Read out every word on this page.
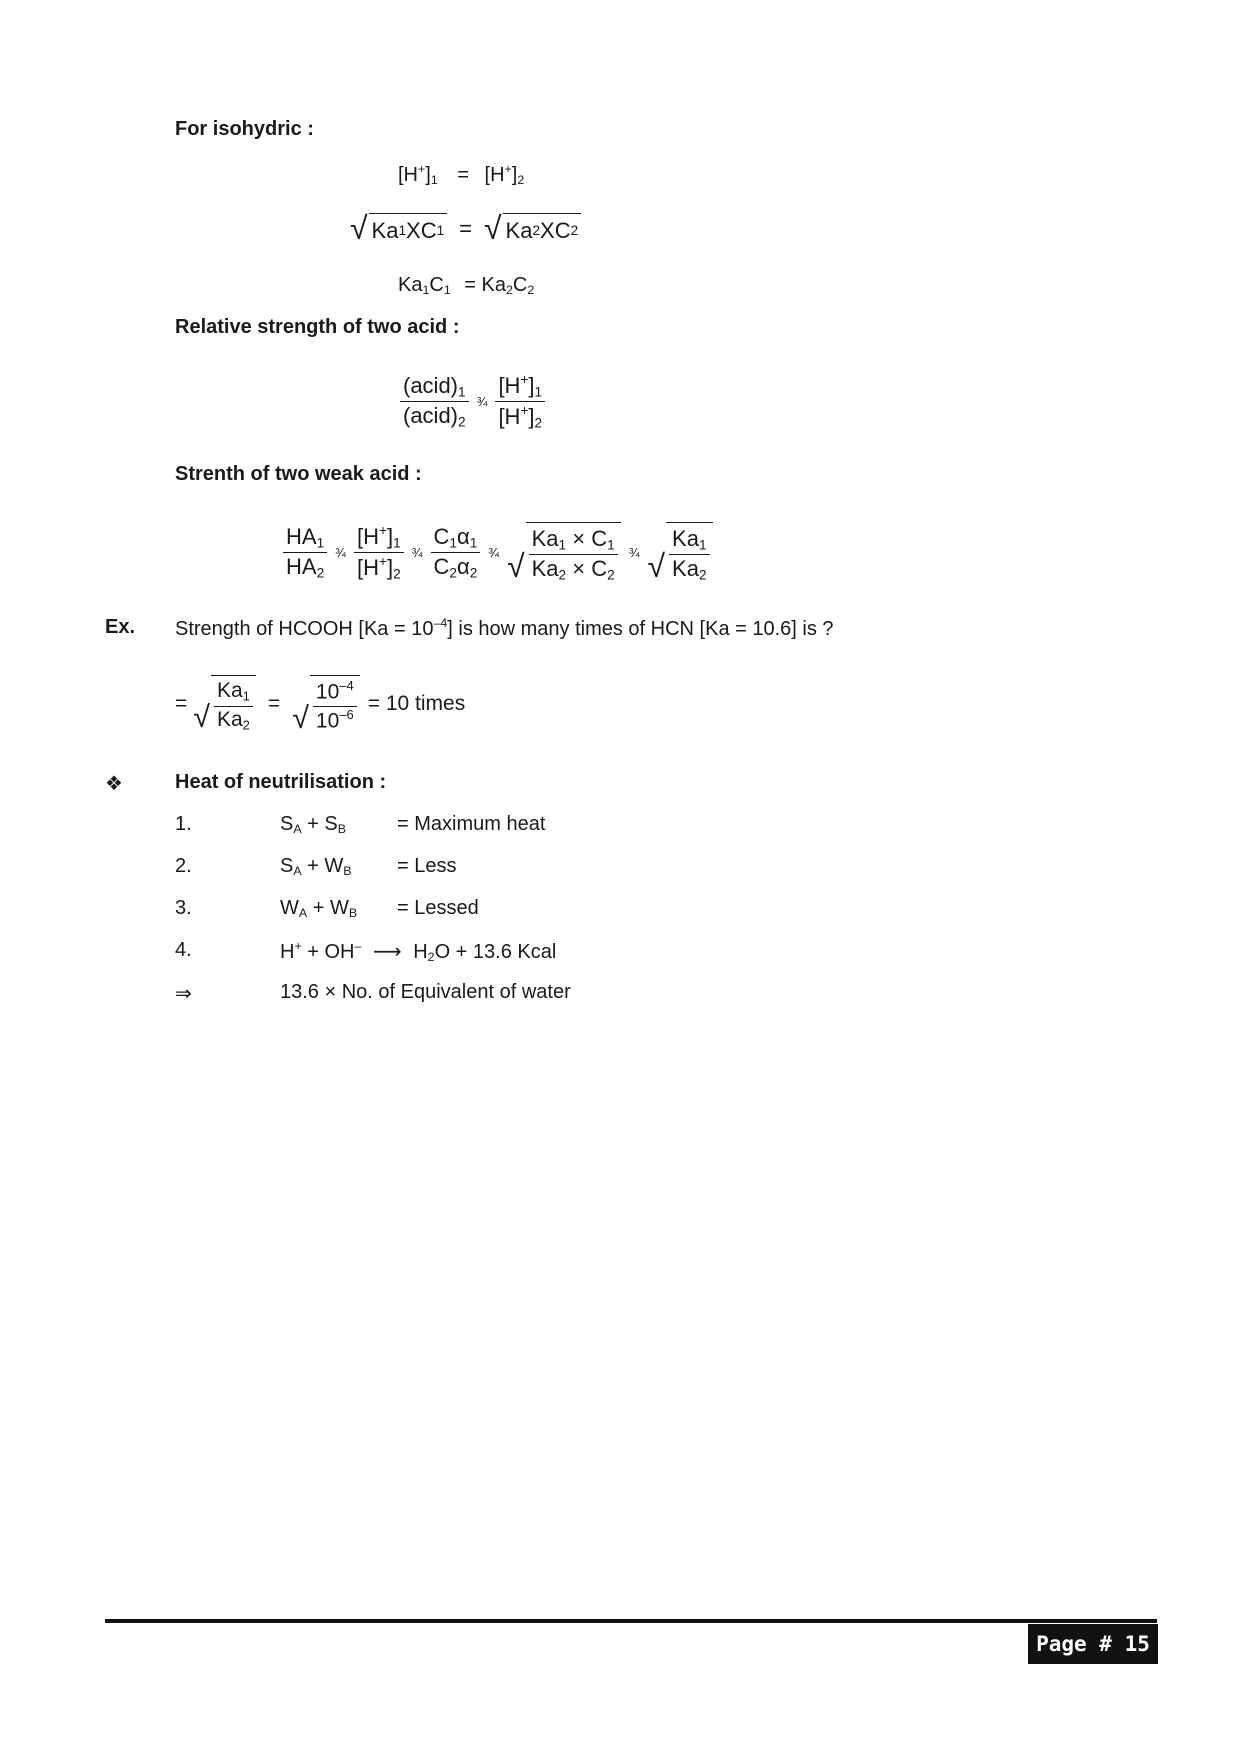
For isohydric :
$[H^+]_1 = [H^+]_2$
√ Ka 1 XC 1 = √ Ka 2 XC 2
$Ka_1C_1 = Ka_2C_2$
Relative strength of two acid :
$\frac{(acid)_1}{(acid)_2}$ ¾ $\frac{[H^+]_1}{[H^+]_2}$
Strenth of two weak acid :
$\frac{HA_1}{HA_2}$ ¾ $\frac{[H^+]_1}{[H^+]_2}$ ¾ $\frac{C_1\alpha_1}{C_2\alpha_2}$ ¾ √ $\frac{Ka_1 \times C_1}{Ka_2 \times C_2}$ ¾ √ $\frac{Ka_1}{Ka_2}$
Ex. Strength of HCOOH $[Ka = 10^{-4}]$ is how many times of HCN [Ka = 10.6] is ?
= √ $\frac{Ka_1}{Ka_2}$ = √ $\frac{10^{-4}}{10^{-6}} = 10$ times
❖	Heat of neutrilisation :
1.	$S_A + S_B$	= Maximum heat
2.	$S_A + W_B$ = Less
3.	$W_A + W_B$ = Lessed
4.	H+ + OH– ⟶ $H_2O + 13.6$ Kcal
⇒	13.6 × No. of Equivalent of water
Page # 15
